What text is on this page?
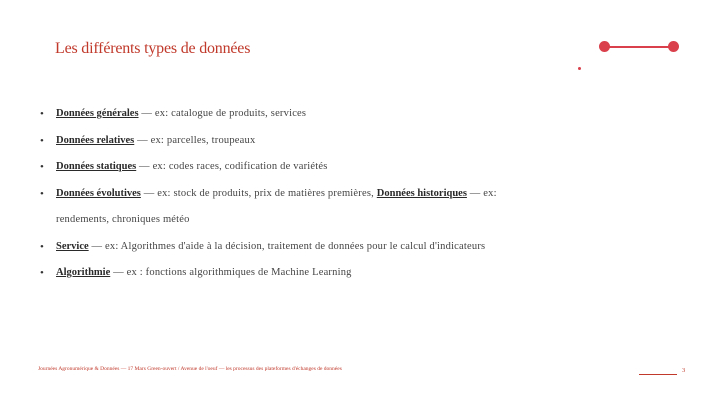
Les différents types de données
• Données générales — ex: catalogue de produits, services
• Données relatives — ex: parcelles, troupeaux
• Données statiques — ex: codes races, codification de variétés
• Données évolutives — ex: stock de produits, prix de matières premières, Données historiques — ex:
rendements, chroniques météo
• Service — ex: Algorithmes d'aide à la décision, traitement de données pour le calcul d'indicateurs
• Algorithmie — ex : fonctions algorithmiques de Machine Learning
Journées Agronumérique & Données — 17 Mars Green-ouvert / Avenue de l'oeuf — les processus des plateformes d'échanges de données	3
